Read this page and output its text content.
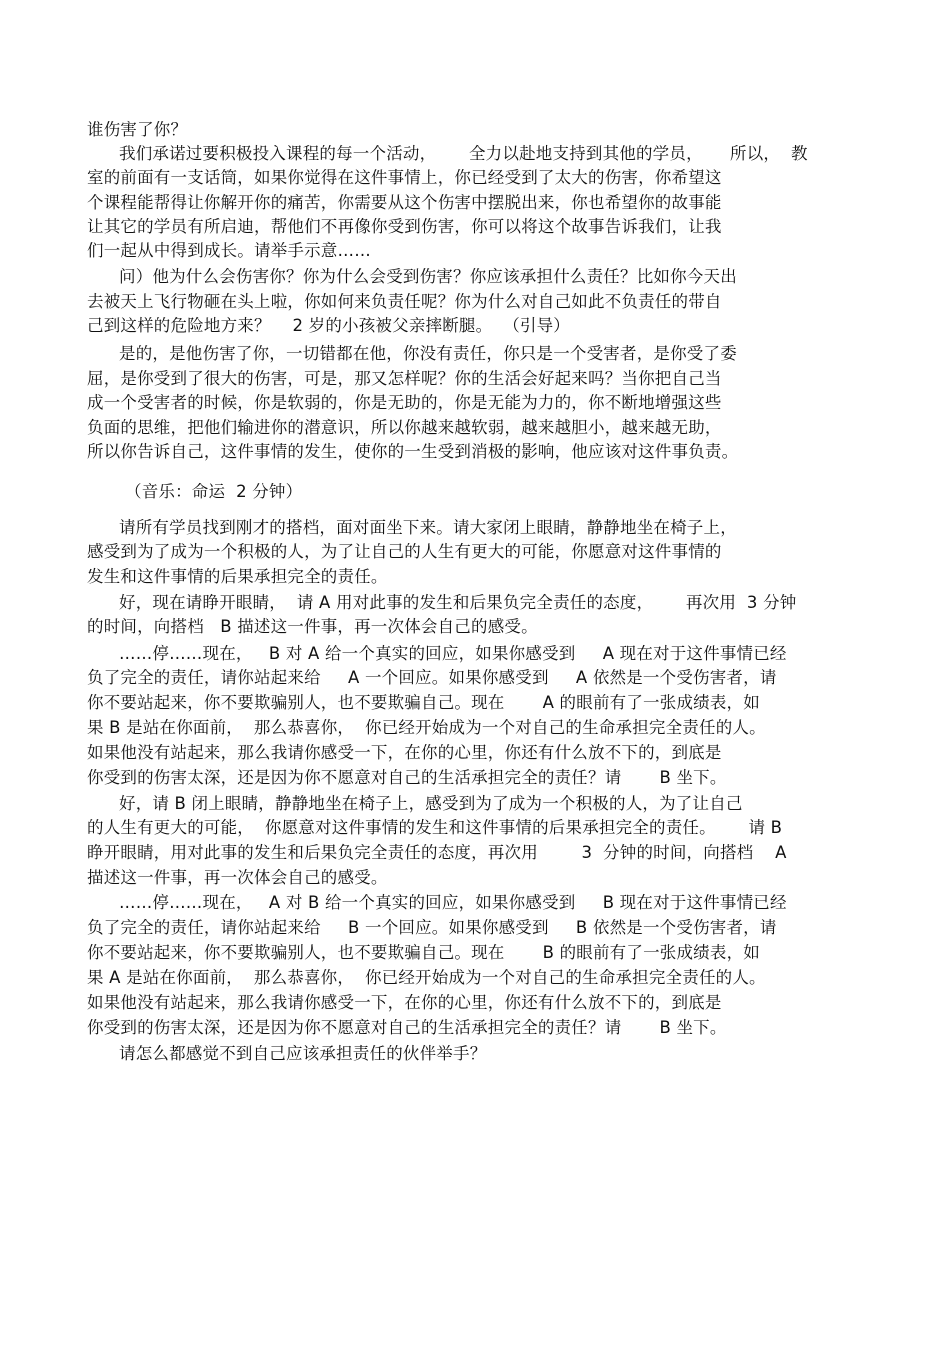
谁伤害了你？
我们承诺过要积极投入课程的每一个活动，      全力以赴地支持到其他的学员，     所以，  教
室的前面有一支话筒，如果你觉得在这件事情上，你已经受到了太大的伤害，你希望这
个课程能帮得让你解开你的痛苦，你需要从这个伤害中摆脱出来，你也希望你的故事能
让其它的学员有所启迪，帮他们不再像你受到伤害，你可以将这个故事告诉我们，让我
们一起从中得到成长。请举手示意……
问）他为什么会伤害你？你为什么会受到伤害？你应该承担什么责任？比如你今天出
去被天上飞行物砸在头上啦，你如何来负责任呢？你为什么对自己如此不负责任的带自
己到这样的危险地方来？    2 岁的小孩被父亲摔断腿。  （引导）
是的，是他伤害了你，一切错都在他，你没有责任，你只是一个受害者，是你受了委
屈，是你受到了很大的伤害，可是，那又怎样呢？你的生活会好起来吗？当你把自己当
成一个受害者的时候，你是软弱的，你是无助的，你是无能为力的，你不断地增强这些
负面的思维，把他们输进你的潜意识，所以你越来越软弱，越来越胆小，越来越无助，
所以你告诉自己，这件事情的发生，使你的一生受到消极的影响，他应该对这件事负责。
（音乐：命运  2 分钟）
请所有学员找到刚才的搭档，面对面坐下来。请大家闭上眼睛，静静地坐在椅子上，
感受到为了成为一个积极的人，为了让自己的人生有更大的可能，你愿意对这件事情的
发生和这件事情的后果承担完全的责任。
好，现在请睁开眼睛，  请 A 用对此事的发生和后果负完全责任的态度，      再次用  3 分钟
的时间，向搭档   B 描述这一件事，再一次体会自己的感受。
……停……现在，   B 对 A 给一个真实的回应，如果你感受到     A 现在对于这件事情已经
负了完全的责任，请你站起来给     A 一个回应。如果你感受到     A 依然是一个受伤害者，请
你不要站起来，你不要欺骗别人，也不要欺骗自己。现在       A 的眼前有了一张成绩表，如
果 B 是站在你面前，  那么恭喜你，  你已经开始成为一个对自己的生命承担完全责任的人。
如果他没有站起来，那么我请你感受一下，在你的心里，你还有什么放不下的，到底是
你受到的伤害太深，还是因为你不愿意对自己的生活承担完全的责任？请       B 坐下。
好，请 B 闭上眼睛，静静地坐在椅子上，感受到为了成为一个积极的人，为了让自己
的人生有更大的可能，  你愿意对这件事情的发生和这件事情的后果承担完全的责任。      请 B
睁开眼睛，用对此事的发生和后果负完全责任的态度，再次用        3  分钟的时间，向搭档    A
描述这一件事，再一次体会自己的感受。
……停……现在，   A 对 B 给一个真实的回应，如果你感受到     B 现在对于这件事情已经
负了完全的责任，请你站起来给     B 一个回应。如果你感受到     B 依然是一个受伤害者，请
你不要站起来，你不要欺骗别人，也不要欺骗自己。现在       B 的眼前有了一张成绩表，如
果 A 是站在你面前，  那么恭喜你，  你已经开始成为一个对自己的生命承担完全责任的人。
如果他没有站起来，那么我请你感受一下，在你的心里，你还有什么放不下的，到底是
你受到的伤害太深，还是因为你不愿意对自己的生活承担完全的责任？请       B 坐下。
请怎么都感觉不到自己应该承担责任的伙伴举手？
